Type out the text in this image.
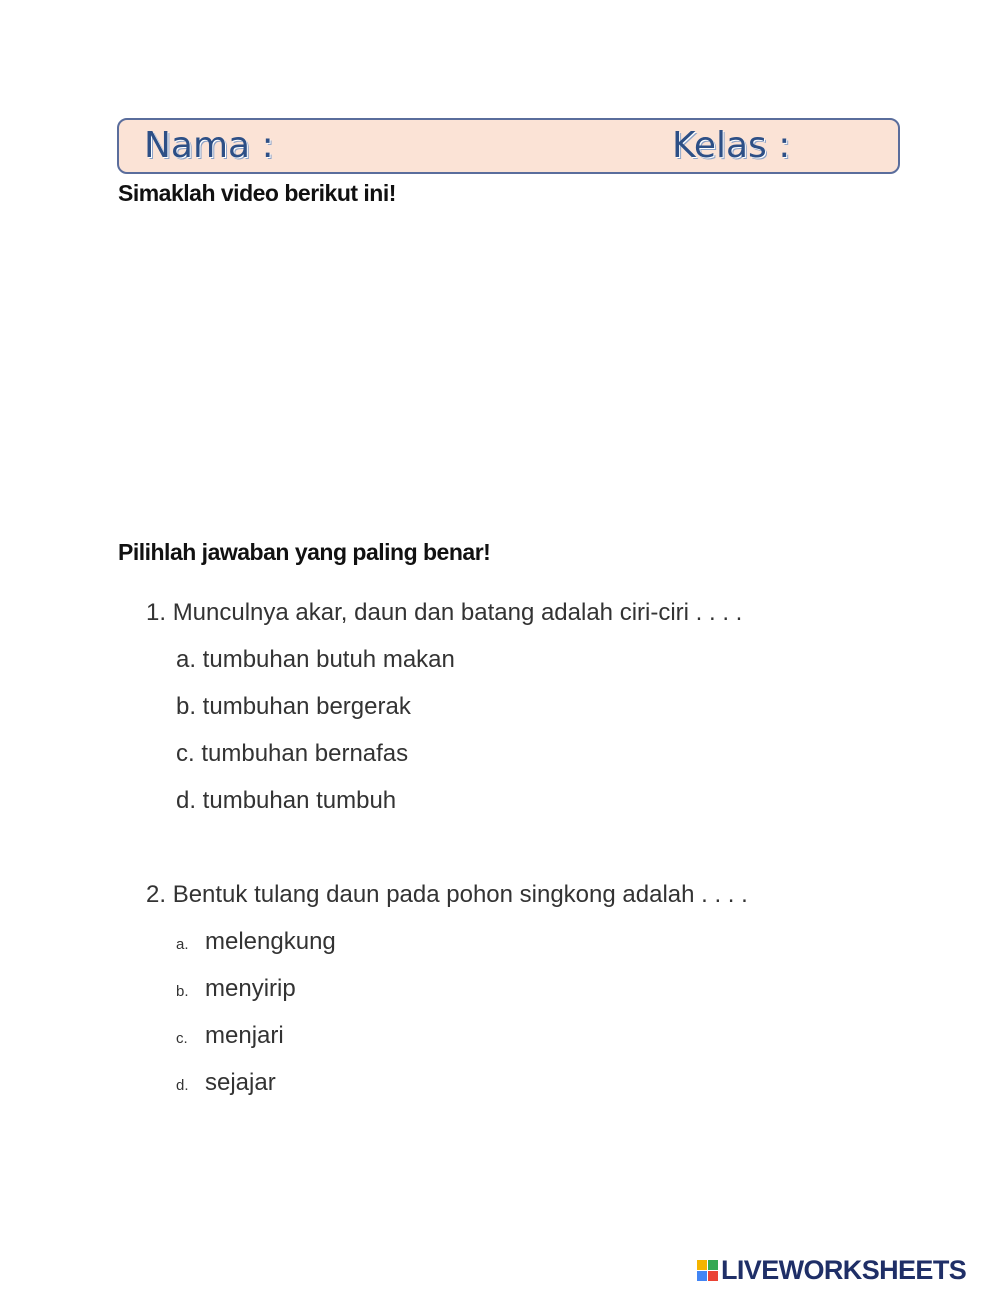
Nama :	Kelas :
Simaklah video berikut ini!
Pilihlah jawaban yang paling benar!
1. Munculnya akar, daun dan batang adalah ciri-ciri . . . .
a. tumbuhan butuh makan
b. tumbuhan bergerak
c. tumbuhan bernafas
d. tumbuhan tumbuh
2. Bentuk tulang daun pada pohon singkong adalah . . . .
a. melengkung
b. menyirip
c. menjari
d. sejajar
LIVEWORKSHEETS
